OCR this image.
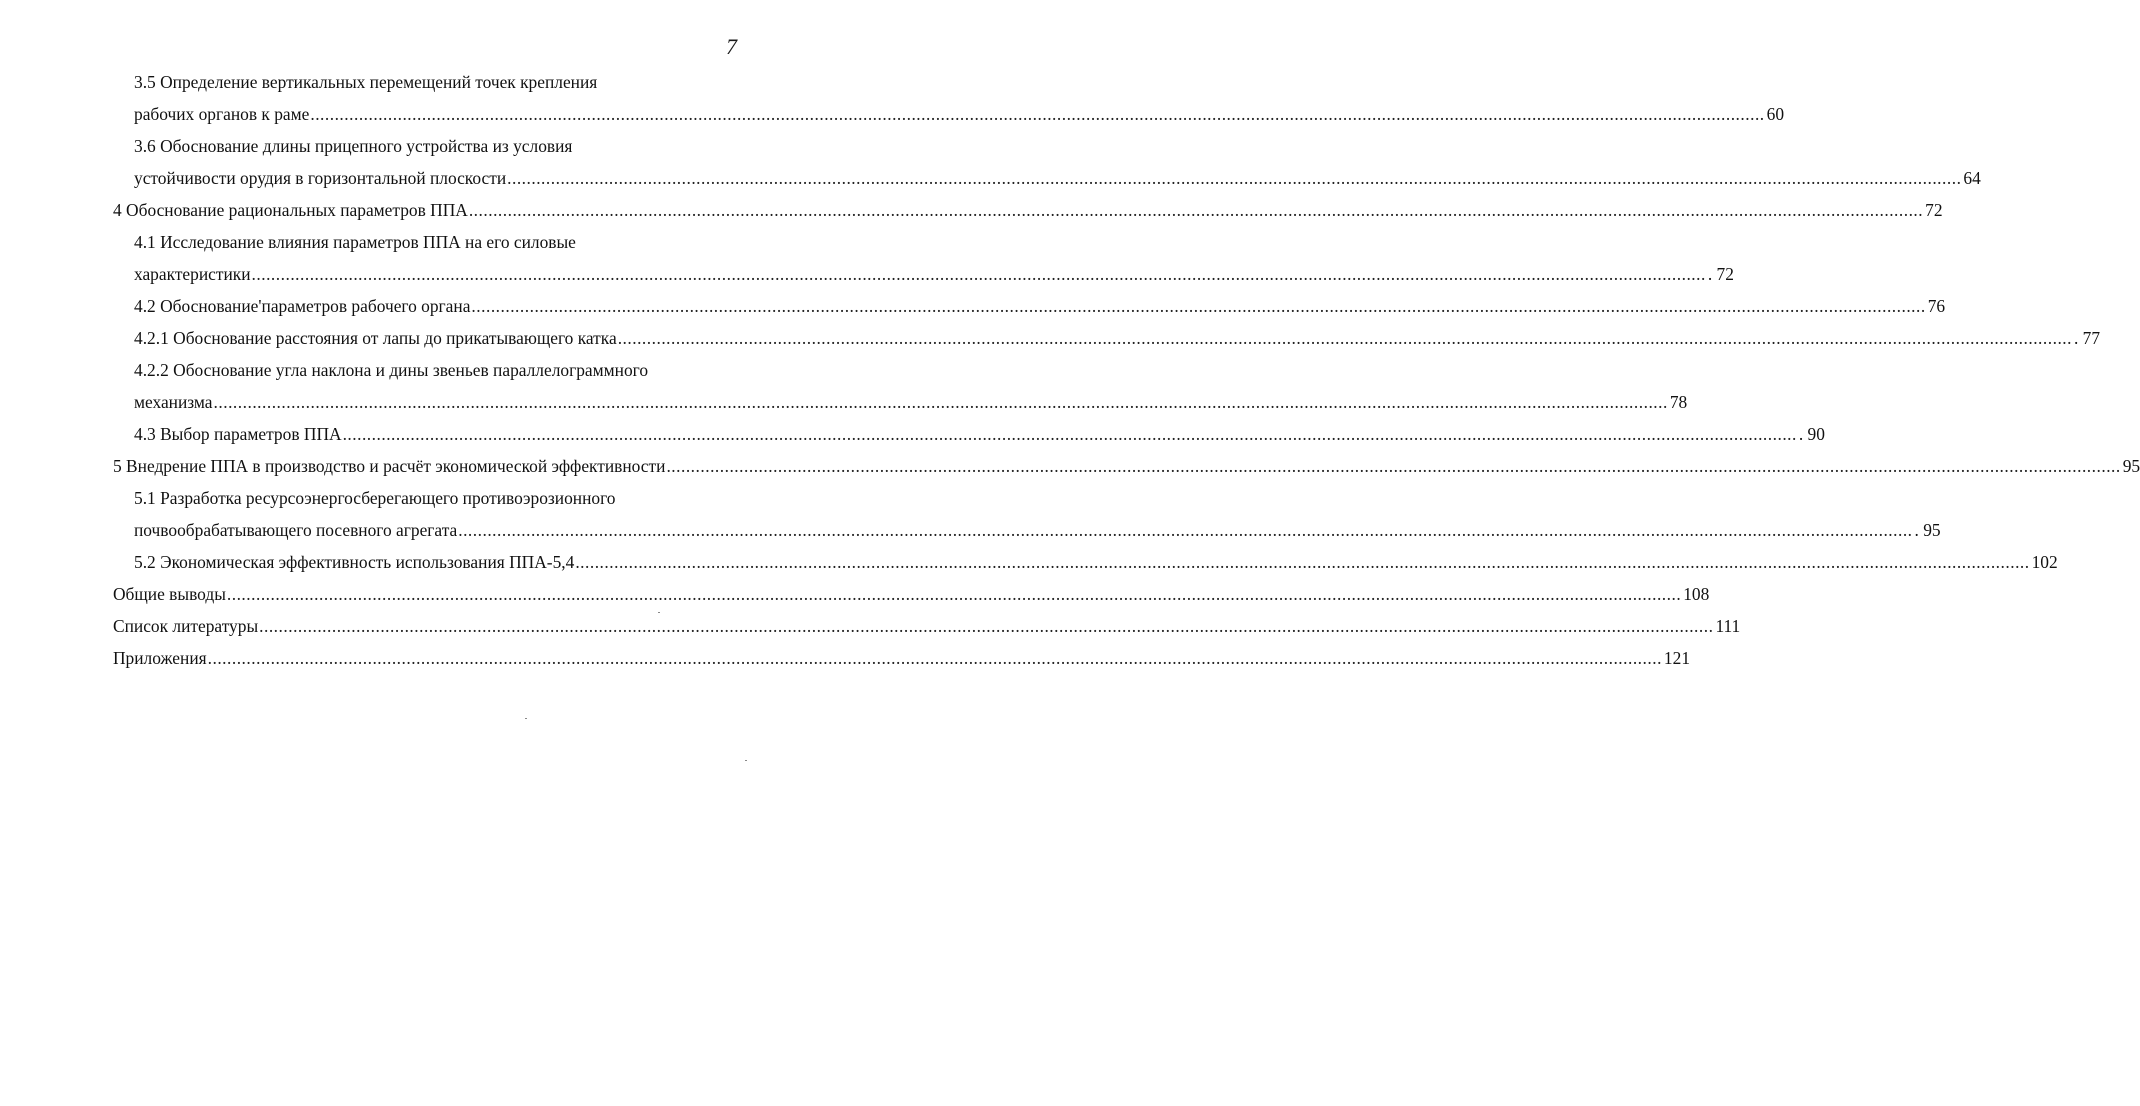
7
3.5 Определение вертикальных перемещений точек крепления
рабочих органов к раме ............................................................................................................................................................................................................................................................................................................ 60
3.6 Обоснование длины прицепного устройства из условия
устойчивости орудия в горизонтальной плоскости ............................................................................................................................................................................................................................................................................................................ 64
4 Обоснование рациональных параметров ППА ............................................................................................................................................................................................................................................................................................................ 72
4.1 Исследование влияния параметров ППА на его силовые
характеристики ............................................................................................................................................................................................................................................................................................................ . 72
4.2 Обоснование'параметров рабочего органа ............................................................................................................................................................................................................................................................................................................ 76
4.2.1 Обоснование расстояния от лапы до прикатывающего катка ............................................................................................................................................................................................................................................................................................................ . 77
4.2.2 Обоснование угла наклона и дины звеньев параллелограммного
механизма ............................................................................................................................................................................................................................................................................................................ 78
4.3 Выбор параметров ППА ............................................................................................................................................................................................................................................................................................................ . 90
5 Внедрение ППА в производство и расчёт экономической эффективности ............................................................................................................................................................................................................................................................................................................ 95
5.1 Разработка ресурсоэнергосберегающего противоэрозионного
почвообрабатывающего посевного агрегата ............................................................................................................................................................................................................................................................................................................ . 95
5.2 Экономическая эффективность использования ППА-5,4 ............................................................................................................................................................................................................................................................................................................ 102
Общие выводы ............................................................................................................................................................................................................................................................................................................ 108
Список литературы ............................................................................................................................................................................................................................................................................................................ 111
Приложения ............................................................................................................................................................................................................................................................................................................ 121
